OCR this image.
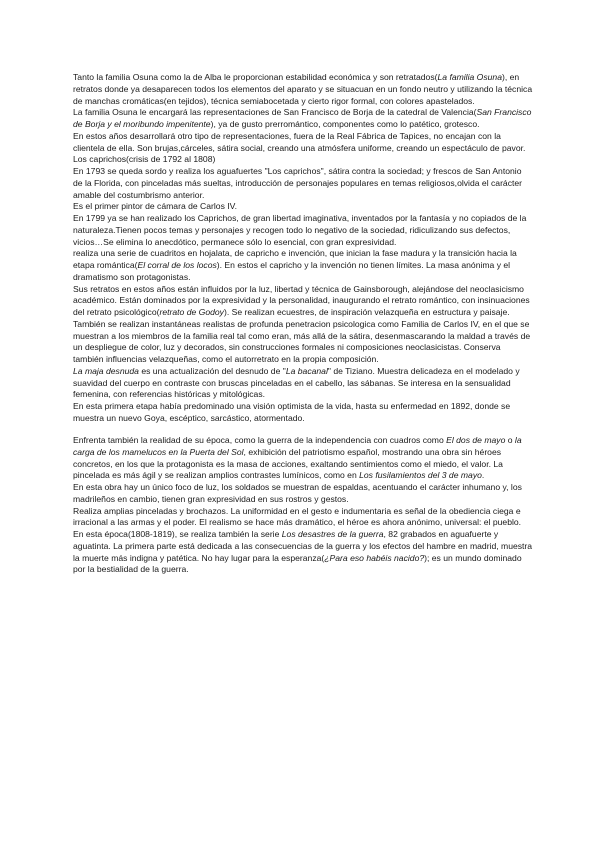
Tanto la familia Osuna como la de Alba le proporcionan estabilidad económica y son retratados(La familia Osuna), en retratos donde ya desaparecen todos los elementos del aparato y se situacuan en un fondo neutro y utilizando la técnica de manchas cromáticas(en tejidos), técnica semiabocetada y cierto rigor formal, con colores apastelados.

La familia Osuna le encargará las representaciones de San Francisco de Borja de la catedral de Valencia(San Francisco de Borja y el moribundo impenitente), ya de gusto prerromántico, componentes como lo patético, grotesco.

En estos años desarrollará otro tipo de representaciones, fuera de la Real Fábrica de Tapices, no encajan con la clientela de ella. Son brujas,cárceles, sátira social, creando una atmósfera uniforme, creando un espectáculo de pavor.

Los caprichos(crisis de 1792 al 1808)

En 1793 se queda sordo y realiza los aguafuertes "Los caprichos", sátira contra la sociedad; y frescos de San Antonio de la Florida, con pinceladas más sueltas, introducción de personajes populares en temas religiosos,olvida el carácter amable del costumbrismo anterior.

Es el primer pintor de cámara de Carlos IV.

En 1799 ya se han realizado los Caprichos, de gran libertad imaginativa, inventados por la fantasía y no copiados de la naturaleza.Tienen pocos temas y personajes y recogen todo lo negativo de la sociedad, ridiculizando sus defectos, vicios…Se elimina lo anecdótico, permanece sólo lo esencial, con gran expresividad.

realiza una serie de cuadritos en hojalata, de capricho e invención, que inician la fase madura y la transición hacia la etapa romántica(El corral de los locos). En estos el capricho y la invención no tienen límites. La masa anónima y el dramatismo son protagonistas.

Sus retratos en estos años están influidos por la luz, libertad y técnica de Gainsborough, alejándose del neoclasicismo académico. Están dominados por la expresividad y la personalidad, inaugurando el retrato romántico, con insinuaciones del retrato psicológico(retrato de Godoy). Se realizan ecuestres, de inspiración velazqueña en estructura y paisaje.

También se realizan instantáneas realistas de profunda penetracion psicologica como Familia de Carlos IV, en el que se muestran a los miembros de la familia real tal como eran, más allá de la sátira, desenmascarando la maldad a través de un despliegue de color, luz y decorados, sin construcciones formales ni composiciones neoclasicistas. Conserva también influencias velazqueñas, como el autorretrato en la propia composición.

La maja desnuda es una actualización del desnudo de "La bacanal" de Tiziano. Muestra delicadeza en el modelado y suavidad del cuerpo en contraste con bruscas pinceladas en el cabello, las sábanas. Se interesa en la sensualidad femenina, con referencias históricas y mitológicas.

En esta primera etapa había predominado una visión optimista de la vida, hasta su enfermedad en 1892, donde se muestra un nuevo Goya, escéptico, sarcástico, atormentado.

Enfrenta también la realidad de su época, como la guerra de la independencia con cuadros como El dos de mayo o la carga de los mamelucos en la Puerta del Sol, exhibición del patriotismo español, mostrando una obra sin héroes concretos, en los que la protagonista es la masa de acciones, exaltando sentimientos como el miedo, el valor. La pincelada es más ágil y se realizan amplios contrastes lumínicos, como en Los fusilamientos del 3 de mayo.

En esta obra hay un único foco de luz, los soldados se muestran de espaldas, acentuando el carácter inhumano y, los madrileños en cambio, tienen gran expresividad en sus rostros y gestos.

Realiza amplias pinceladas y brochazos. La uniformidad en el gesto e indumentaria es señal de la obediencia ciega e irracional a las armas y el poder. El realismo se hace más dramático, el héroe es ahora anónimo, universal: el pueblo.

En esta época(1808-1819), se realiza también la serie Los desastres de la guerra, 82 grabados en aguafuerte y aguatinta. La primera parte está dedicada a las consecuencias de la guerra y los efectos del hambre en madrid, muestra la muerte más indigna y patética. No hay lugar para la esperanza(¿Para eso habéis nacido?); es un mundo dominado por la bestialidad de la guerra.
